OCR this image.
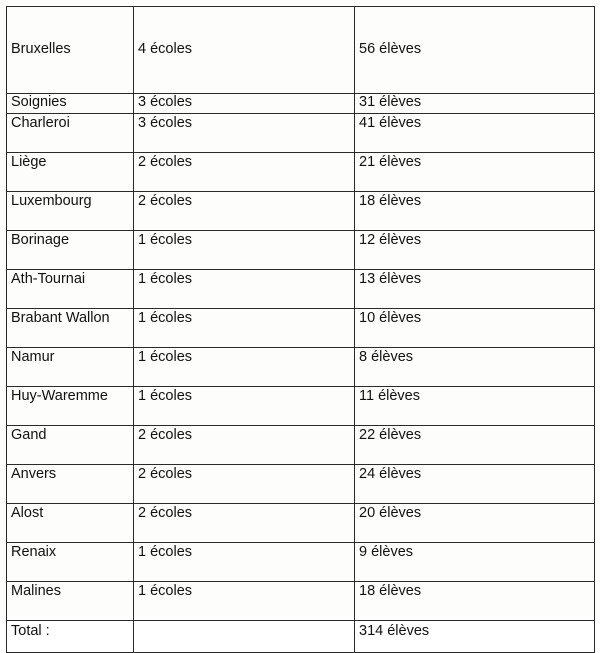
Bruxelles	4 écoles	56 élèves
Soignies	3 écoles	31 élèves
Charleroi	3 écoles	41 élèves
Liège	2 écoles	21 élèves
Luxembourg	2 écoles	18 élèves
Borinage	1 écoles	12 élèves
Ath-Tournai	1 écoles	13 élèves
Brabant Wallon	1 écoles	10 élèves
Namur	1 écoles	8 élèves
Huy-Waremme	1 écoles	11 élèves
Gand	2 écoles	22 élèves
Anvers	2 écoles	24 élèves
Alost	2 écoles	20 élèves
Renaix	1 écoles	9 élèves
Malines	1 écoles	18 élèves
Total :		314 élèves
